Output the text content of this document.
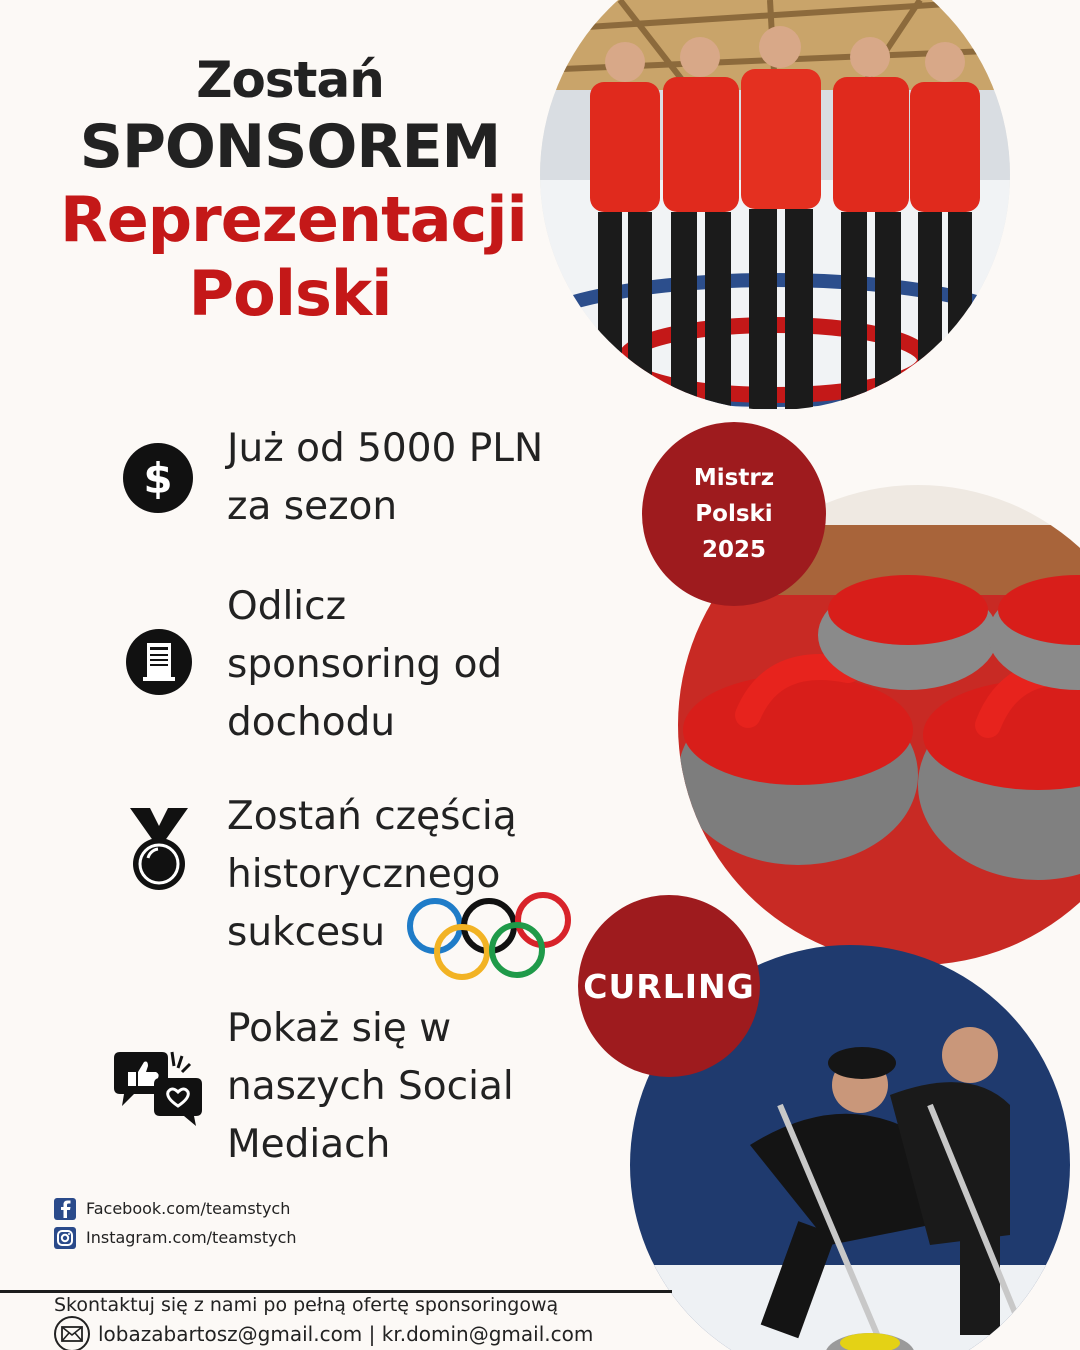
Zostań
SPONSOREM
Reprezentacji
Polski
Mistrz
Polski
2025
CURLING
$
Już od 5000 PLN
za sezon
Odlicz
sponsoring od
dochodu
Zostań częścią
historycznego
sukcesu
Pokaż się w
naszych Social
Mediach
Facebook.com/teamstych
Instagram.com/teamstych
Skontaktuj się z nami po pełną ofertę sponsoringową
lobazabartosz@gmail.com | kr.domin@gmail.com
